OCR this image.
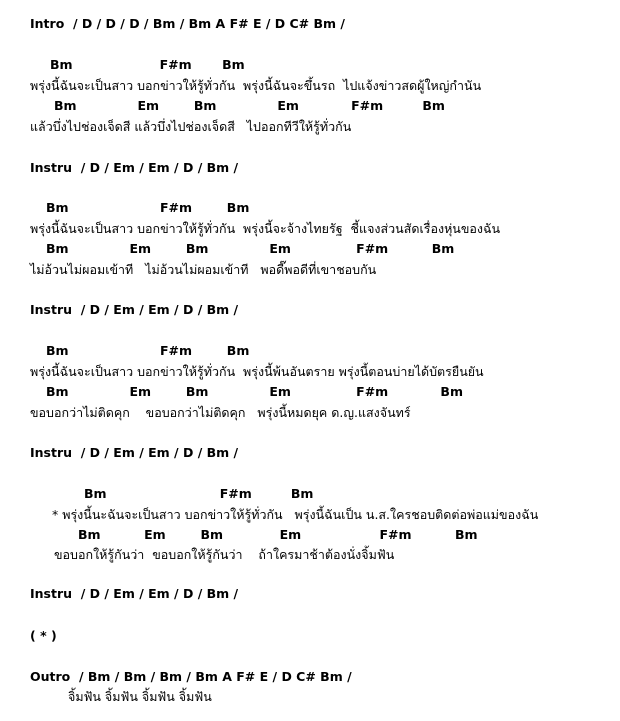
Intro  / D / D / D / Bm / Bm A F# E / D C# Bm /
Bm                    F#m       Bm
พรุ่งนี้ฉันจะเป็นสาว บอกข่าวให้รู้ทั่วกัน  พรุ่งนี้ฉันจะขึ้นรถ  ไปแจ้งข่าวสดผู้ใหญ่กำนัน
Bm              Em        Bm              Em            F#m         Bm
แล้วบึ่งไปช่องเจ็ดสี แล้วบึ่งไปช่องเจ็ดสี   ไปออกทีวีให้รู้ทั่วกัน
Instru  / D / Em / Em / D / Bm /
Bm                     F#m        Bm
พรุ่งนี้ฉันจะเป็นสาว บอกข่าวให้รู้ทั่วกัน  พรุ่งนี้จะจ้างไทยรัฐ  ชี้แจงส่วนสัดเรื่องหุ่นของฉัน
Bm              Em        Bm              Em               F#m          Bm
ไม่อ้วนไม่ผอมเข้าที   ไม่อ้วนไม่ผอมเข้าที   พอดี๊พอดีที่เขาชอบกัน
Instru  / D / Em / Em / D / Bm /
Bm                     F#m        Bm
พรุ่งนี้ฉันจะเป็นสาว บอกข่าวให้รู้ทั่วกัน  พรุ่งนี้พ้นอันตราย พรุ่งนี้ตอนบ่ายได้บัตรยืนยัน
Bm              Em        Bm              Em               F#m            Bm
ขอบอกว่าไม่ติดคุก    ขอบอกว่าไม่ติดคุก   พรุ่งนี้หมดยุค ด.ญ.แสงจันทร์
Instru  / D / Em / Em / D / Bm /
Bm                          F#m         Bm
* พรุ่งนี้นะฉันจะเป็นสาว บอกข่าวให้รู้ทั่วกัน   พรุ่งนี้ฉันเป็น น.ส.ใครชอบติดต่อพ่อแม่ของฉัน
Bm          Em        Bm             Em                  F#m          Bm
ขอบอกให้รู้กันว่า  ขอบอกให้รู้กันว่า    ถ้าใครมาช้าต้องนั่งจิ้มฟัน
Instru  / D / Em / Em / D / Bm /
( * )
Outro  / Bm / Bm / Bm / Bm A F# E / D C# Bm /
จิ้มฟัน จิ้มฟัน จิ้มฟัน จิ้มฟัน
